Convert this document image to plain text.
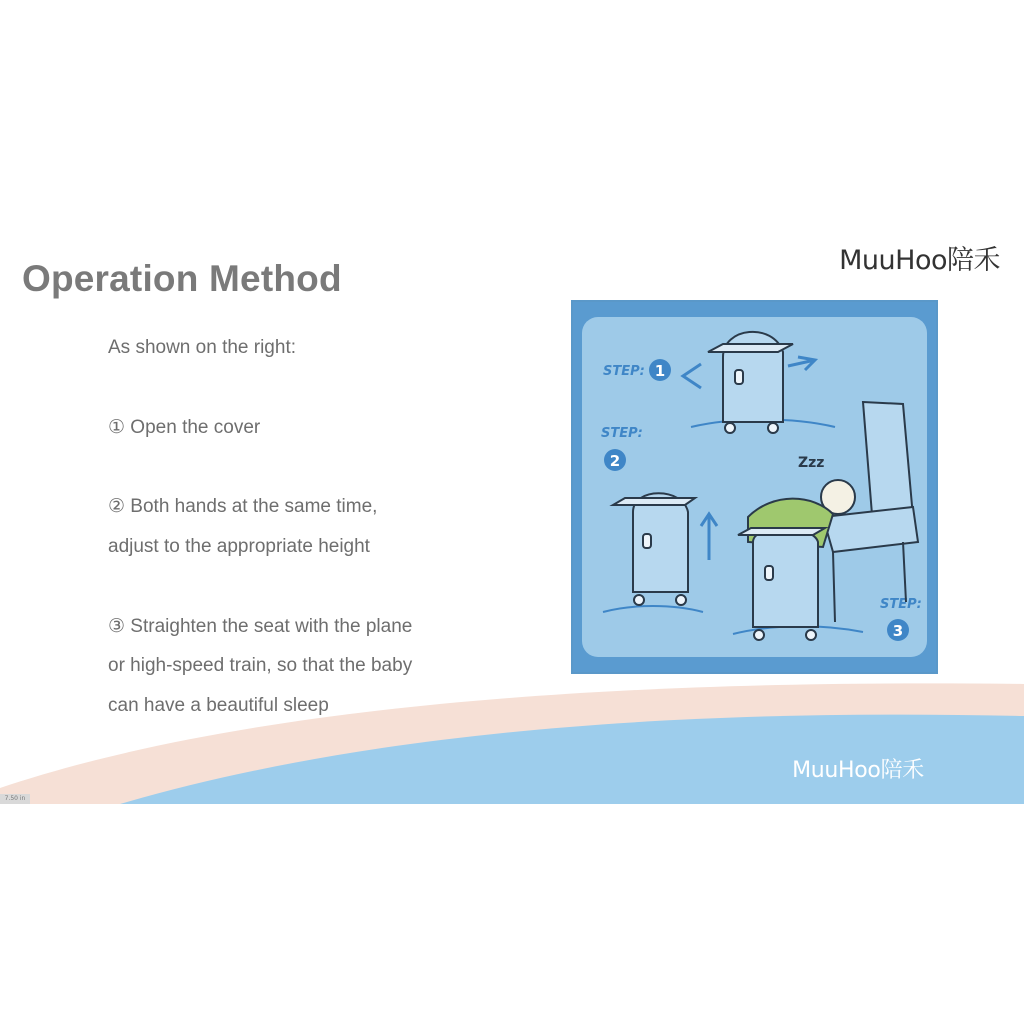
Operation Method
As shown on the right:
① Open the cover
② Both hands at the same time,
adjust to the appropriate height
③ Straighten the seat with the plane
or high-speed train, so that the baby
can have a beautiful sleep
MuuHoo陪禾
MuuHoo陪禾
STEP: 1
STEP:
2
STEP:
3
Zzz
7.50 in
